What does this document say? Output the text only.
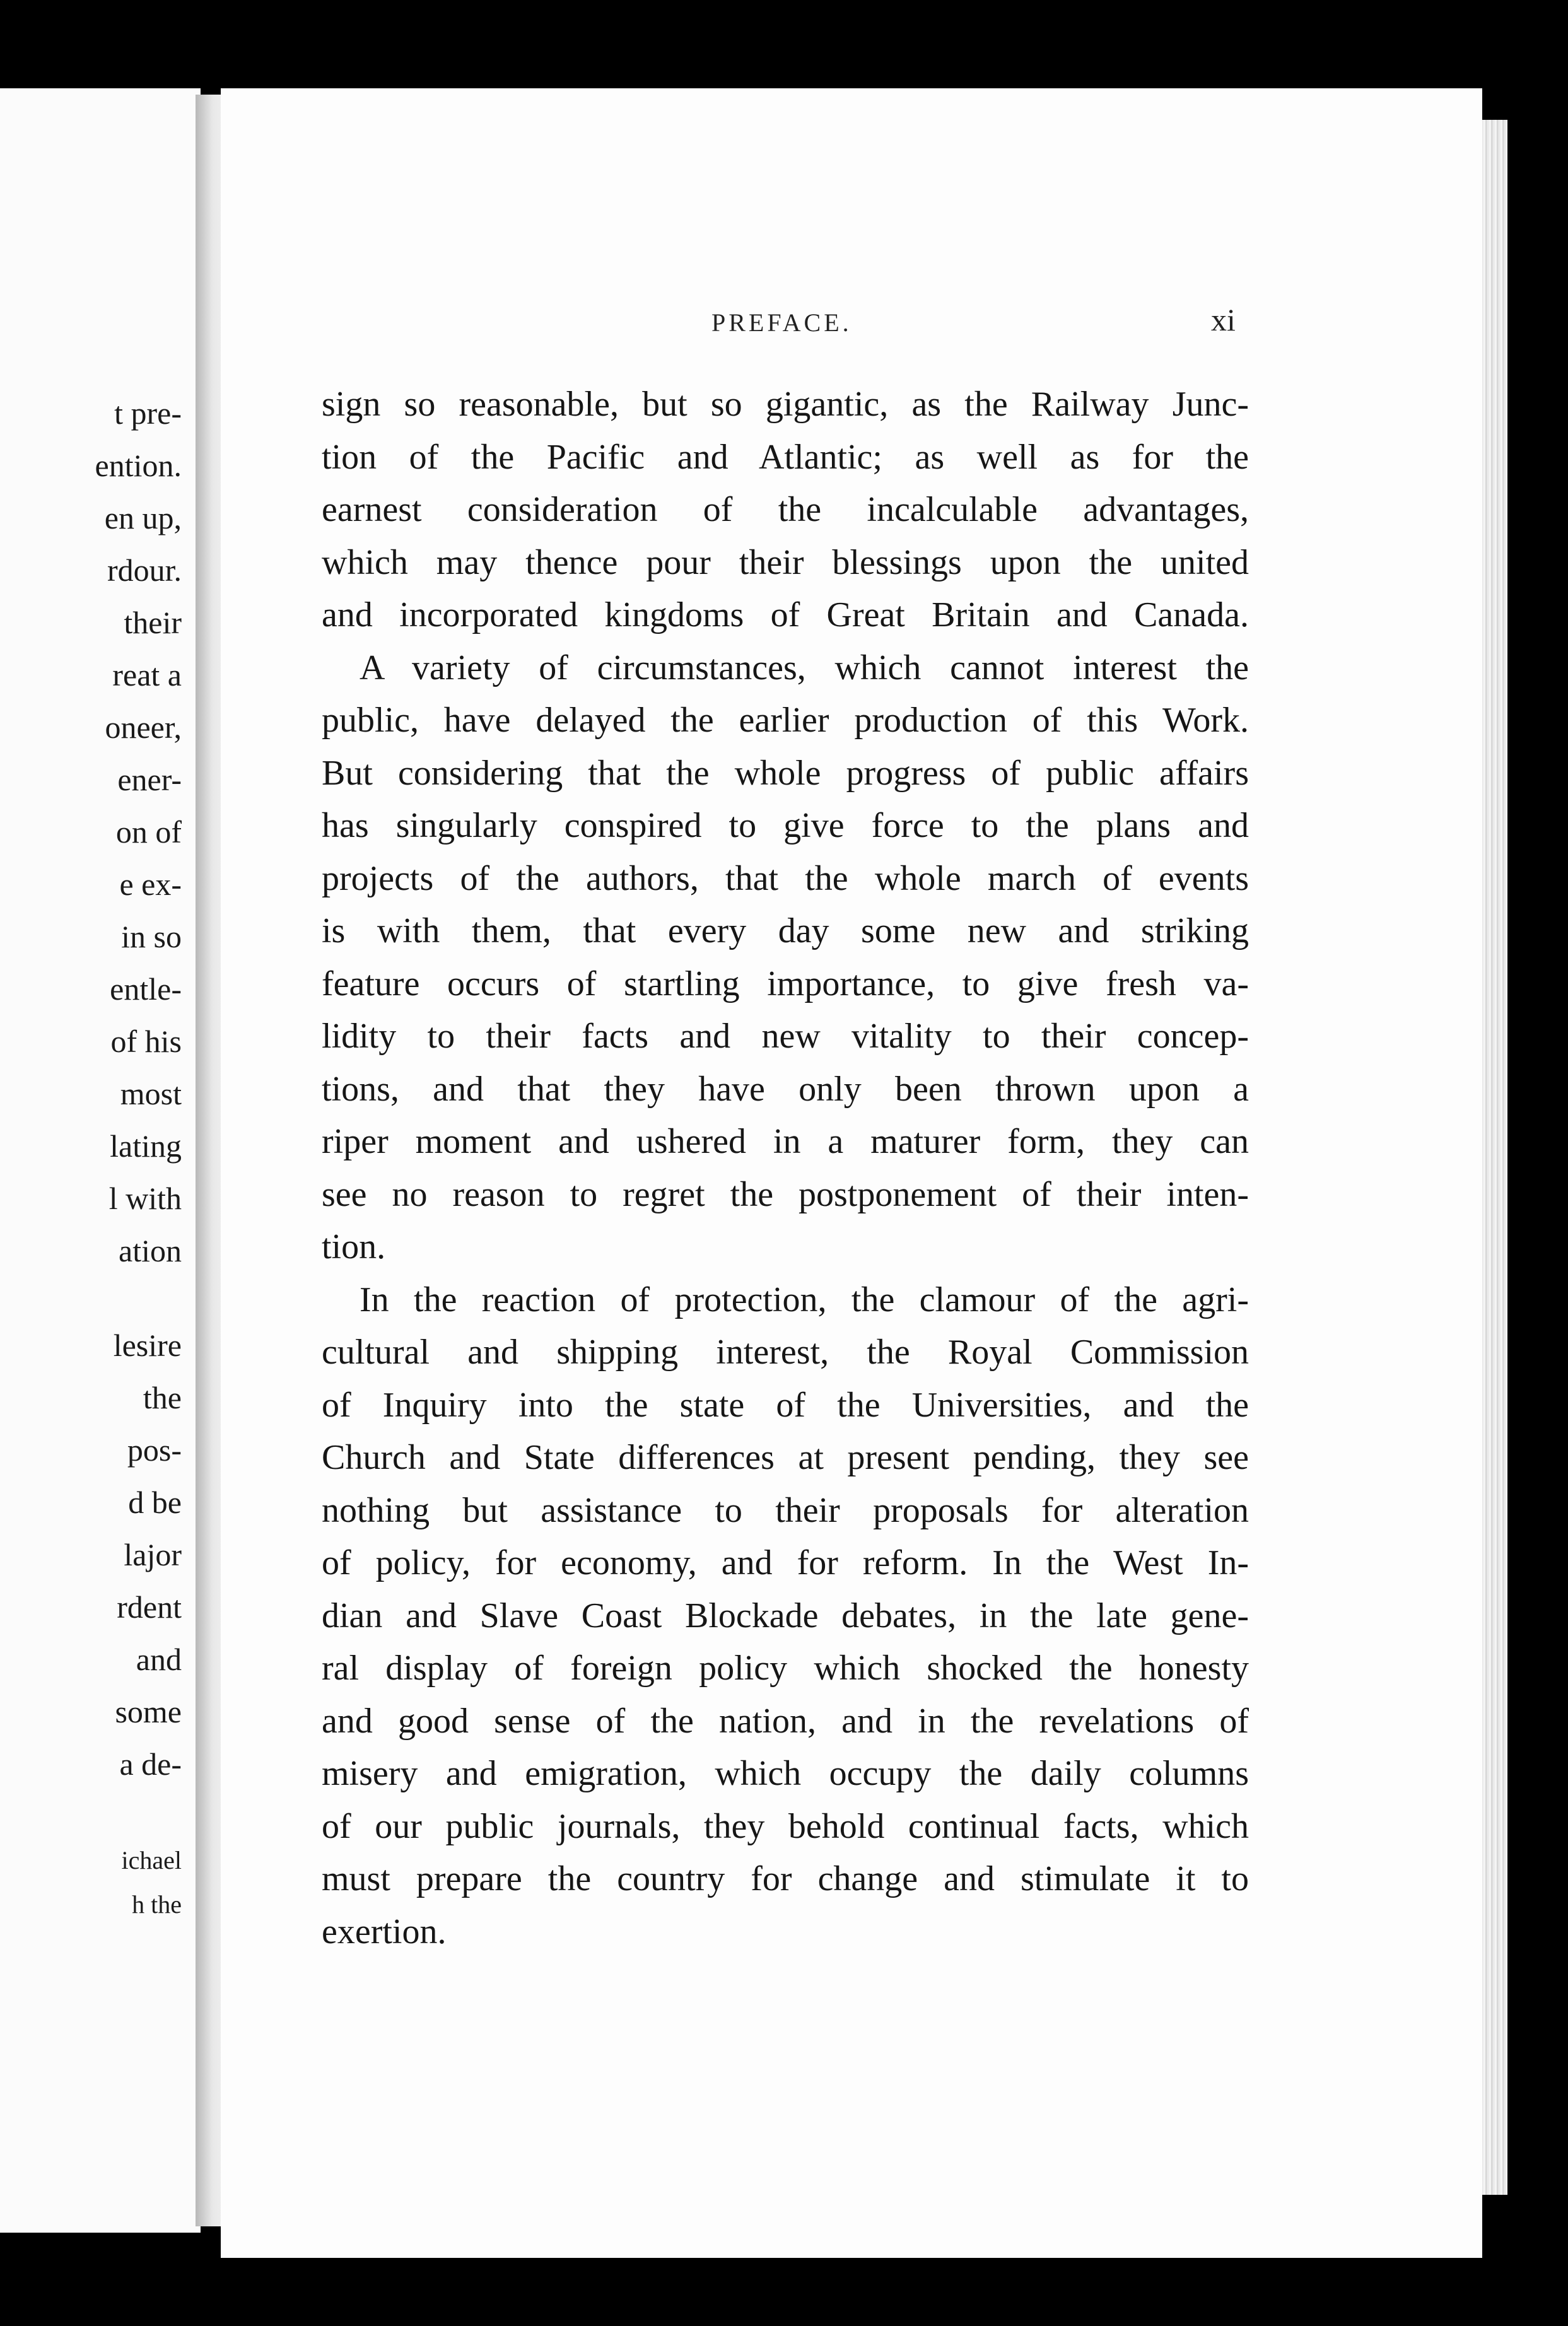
t pre-
ention.
en up,
rdour.
their
reat a
oneer,
ener-
on of
e ex-
in so
entle-
of his
most
lating
l with
ation
lesire
the
pos-
d be
lajor
rdent
and
some
a de-
ichael
h the
PREFACE.	xi
sign so reasonable, but so gigantic, as the Railway Junc-
tion of the Pacific and Atlantic; as well as for the
earnest consideration of the incalculable advantages,
which may thence pour their blessings upon the united
and incorporated kingdoms of Great Britain and Canada.
A variety of circumstances, which cannot interest the
public, have delayed the earlier production of this Work.
But considering that the whole progress of public affairs
has singularly conspired to give force to the plans and
projects of the authors, that the whole march of events
is with them, that every day some new and striking
feature occurs of startling importance, to give fresh va-
lidity to their facts and new vitality to their concep-
tions, and that they have only been thrown upon a
riper moment and ushered in a maturer form, they can
see no reason to regret the postponement of their inten-
tion.
In the reaction of protection, the clamour of the agri-
cultural and shipping interest, the Royal Commission
of Inquiry into the state of the Universities, and the
Church and State differences at present pending, they see
nothing but assistance to their proposals for alteration
of policy, for economy, and for reform. In the West In-
dian and Slave Coast Blockade debates, in the late gene-
ral display of foreign policy which shocked the honesty
and good sense of the nation, and in the revelations of
misery and emigration, which occupy the daily columns
of our public journals, they behold continual facts, which
must prepare the country for change and stimulate it to
exertion.
